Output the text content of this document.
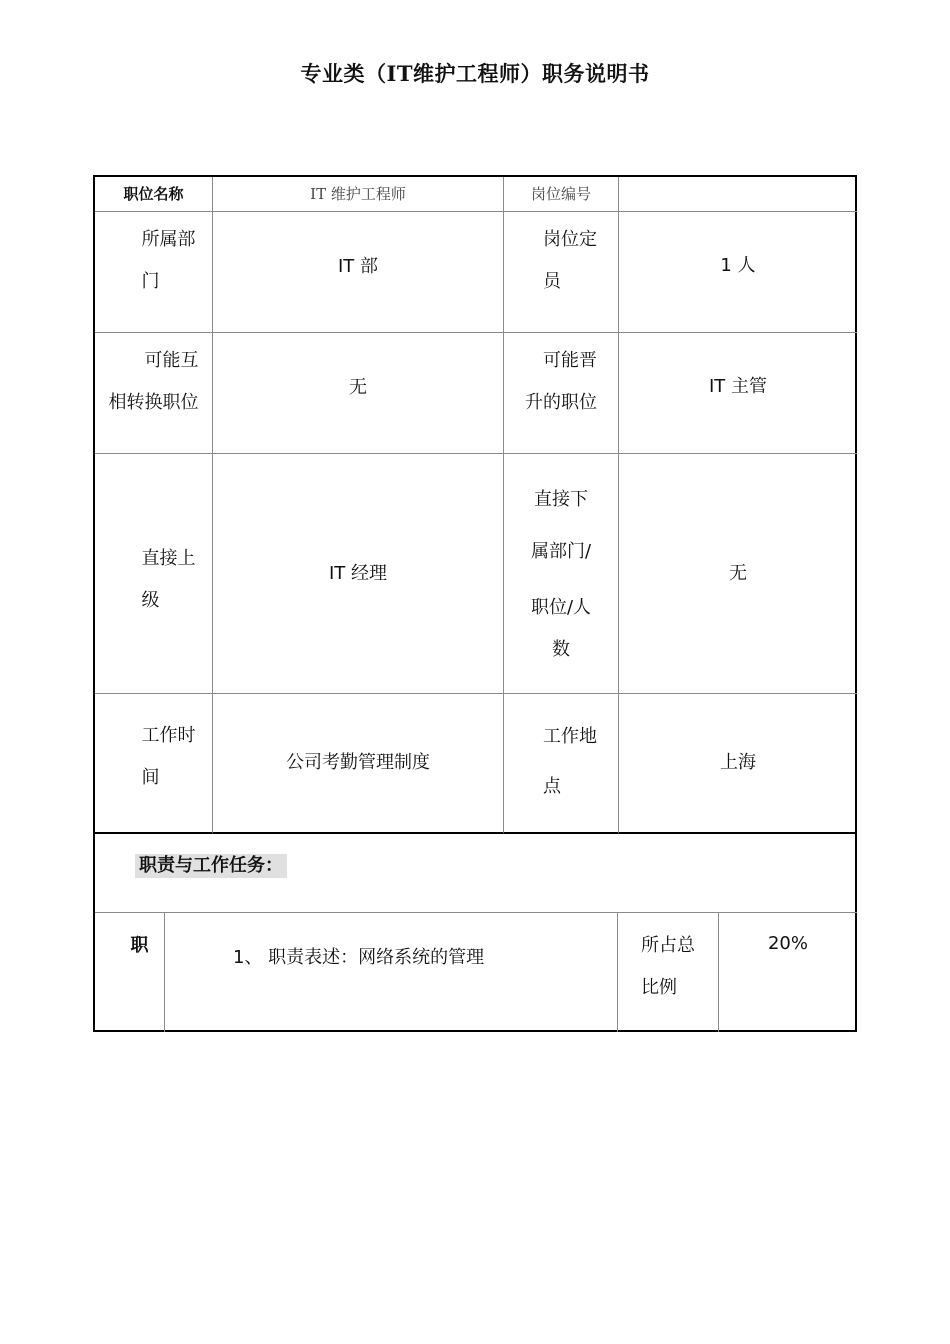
专业类（IT维护工程师）职务说明书
职位名称	IT 维护工程师	岗位编号
所属部
门
IT 部
岗位定
员
1 人
可能互
相转换职位
无
可能晋
升的职位
IT 主管
直接上
级
IT 经理
直接下
属部门/
职位/人
数
无
工作时
间
公司考勤管理制度
工作地
点
上海
职责与工作任务：
职
1、 职责表述：网络系统的管理
所占总
比例
20%
